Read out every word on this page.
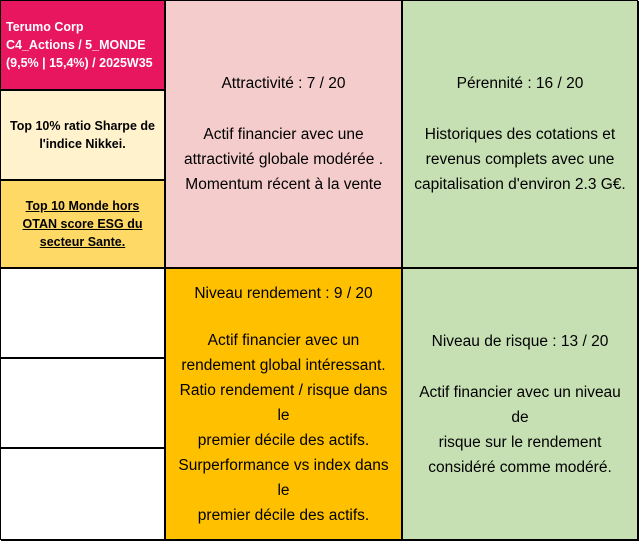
Terumo Corp
C4_Actions / 5_MONDE
(9,5% | 15,4%) / 2025W35
Top 10% ratio Sharpe de l'indice Nikkei.
Top 10 Monde hors OTAN score ESG du secteur Sante.
Attractivité : 7 / 20
Actif financier avec une
attractivité globale modérée .
Momentum récent à la vente
Pérennité : 16 / 20
Historiques des cotations et
revenus complets avec une
capitalisation d'environ 2.3 G€.
Niveau rendement : 9 / 20
Actif financier avec un
rendement global intéressant.
Ratio rendement / risque dans le
premier décile des actifs.
Surperformance vs index dans le
premier décile des actifs.
Niveau de risque : 13 / 20
Actif financier avec un niveau de
risque sur le rendement
considéré comme modéré.
